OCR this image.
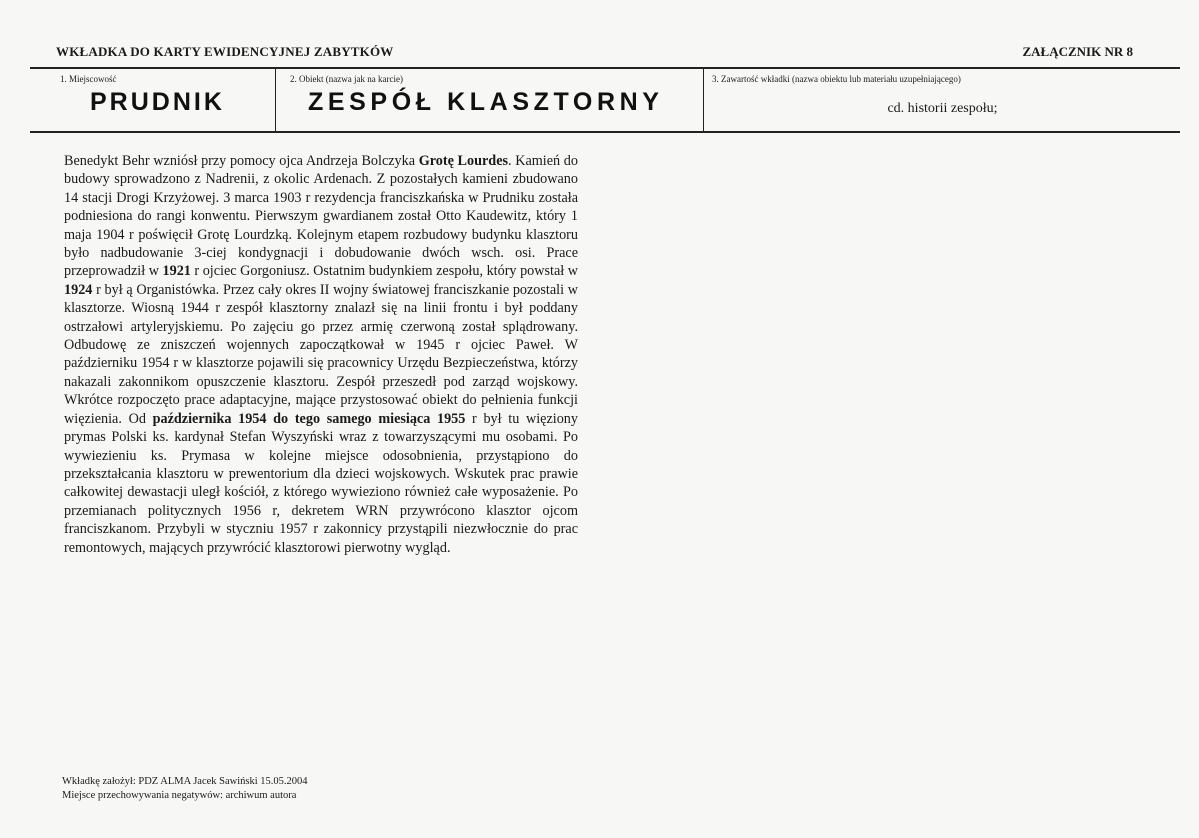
WKŁADKA DO KARTY EWIDENCYJNEJ ZABYTKÓW	ZAŁĄCZNIK NR 8
1. Miejscowość
PRUDNIK
2. Obiekt (nazwa jak na karcie)
ZESPÓŁ KLASZTORNY
3. Zawartość wkładki (nazwa obiektu lub materiału uzupełniającego)
cd. historii zespołu;

Benedykt Behr wzniósł przy pomocy ojca Andrzeja Bolczyka Grotę Lourdes. Kamień do budowy sprowadzono z Nadrenii, z okolic Ardenach. Z pozostałych kamieni zbudowano 14 stacji Drogi Krzyżowej. 3 marca 1903 r rezydencja franciszkańska w Prudniku została podniesiona do rangi konwentu. Pierwszym gwardianem został Otto Kaudewitz, który 1 maja 1904 r poświęcił Grotę Lourdzką. Kolejnym etapem rozbudowy budynku klasztoru było nadbudowanie 3-ciej kondygnacji i dobudowanie dwóch wsch. osi. Prace przeprowadził w 1921 r ojciec Gorgoniusz. Ostatnim budynkiem zespołu, który powstał w 1924 r był ą Organistówka. Przez cały okres II wojny światowej franciszkanie pozostali w klasztorze. Wiosną 1944 r zespół klasztorny znalazł się na linii frontu i był poddany ostrzałowi artyleryjskiemu. Po zajęciu go przez armię czerwoną został splądrowany. Odbudowę ze zniszczeń wojennych zapoczątkował w 1945 r ojciec Paweł. W październiku 1954 r w klasztorze pojawili się pracownicy Urzędu Bezpieczeństwa, którzy nakazali zakonnikom opuszczenie klasztoru. Zespół przeszedł pod zarząd wojskowy. Wkrótce rozpoczęto prace adaptacyjne, mające przystosować obiekt do pełnienia funkcji więzienia. Od października 1954 do tego samego miesiąca 1955 r był tu więziony prymas Polski ks. kardynał Stefan Wyszyński wraz z towarzyszącymi mu osobami. Po wywiezieniu ks. Prymasa w kolejne miejsce odosobnienia, przystąpiono do przekształcania klasztoru w prewentorium dla dzieci wojskowych. Wskutek prac prawie całkowitej dewastacji uległ kościół, z którego wywieziono również całe wyposażenie. Po przemianach politycznych 1956 r, dekretem WRN przywrócono klasztor ojcom franciszkanom. Przybyli w styczniu 1957 r zakonnicy przystąpili niezwłocznie do prac remontowych, mających przywrócić klasztorowi pierwotny wygląd.

Wkładkę założył: PDZ ALMA Jacek Sawiński 15.05.2004
Miejsce przechowywania negatywów: archiwum autora
